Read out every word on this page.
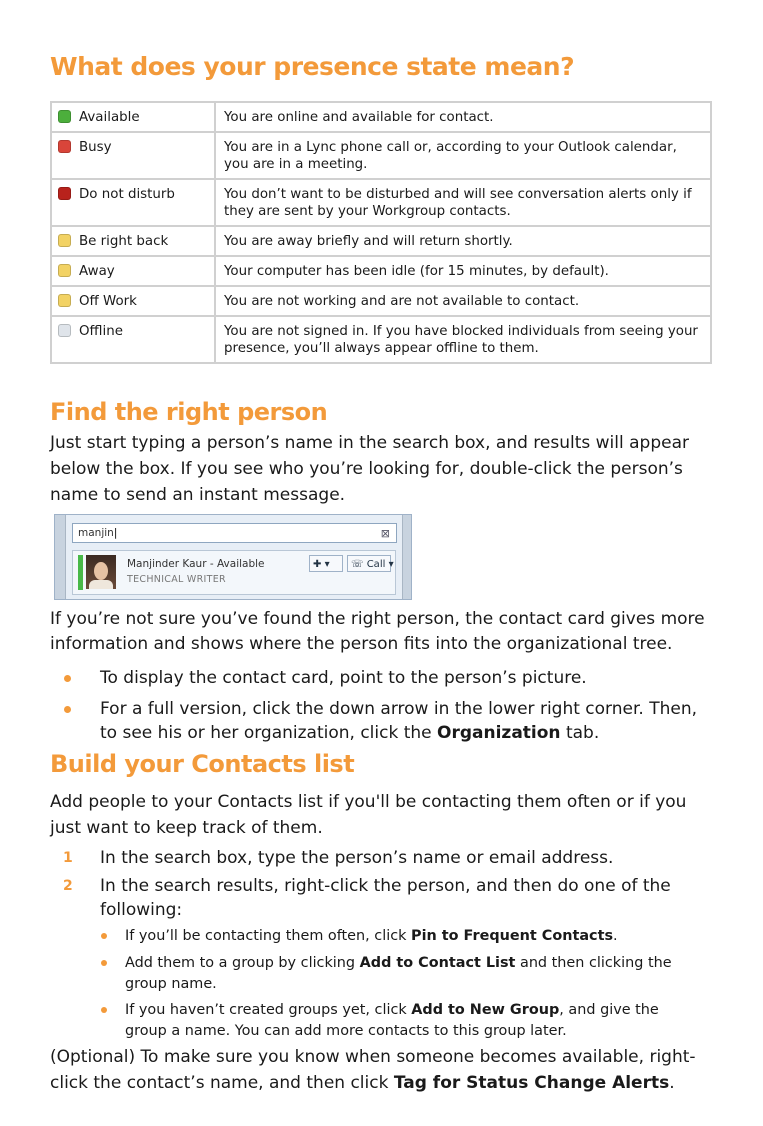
What does your presence state mean?
Available	You are online and available for contact.
Busy	You are in a Lync phone call or, according to your Outlook calendar, you are in a meeting.
Do not disturb	You don’t want to be disturbed and will see conversation alerts only if they are sent by your Workgroup contacts.
Be right back	You are away briefly and will return shortly.
Away	Your computer has been idle (for 15 minutes, by default).
Off Work	You are not working and are not available to contact.
Offline	You are not signed in. If you have blocked individuals from seeing your presence, you’ll always appear offline to them.
Find the right person

Just start typing a person’s name in the search box, and results will appear below the box. If you see who you’re looking for, double-click the person’s name to send an instant message.

manjin|	⊠
Manjinder Kaur - Available
TECHNICAL WRITER
✚ ▾	☏ Call ▾

If you’re not sure you’ve found the right person, the contact card gives more information and shows where the person fits into the organizational tree.

To display the contact card, point to the person’s picture.

For a full version, click the down arrow in the lower right corner. Then, to see his or her organization, click the Organization tab.

Build your Contacts list

Add people to your Contacts list if you'll be contacting them often or if you just want to keep track of them.

1 In the search box, type the person’s name or email address.

2 In the search results, right-click the person, and then do one of the following:

If you’ll be contacting them often, click Pin to Frequent Contacts.

Add them to a group by clicking Add to Contact List and then clicking the group name.

If you haven’t created groups yet, click Add to New Group, and give the group a name. You can add more contacts to this group later.

(Optional) To make sure you know when someone becomes available, right-click the contact’s name, and then click Tag for Status Change Alerts.
